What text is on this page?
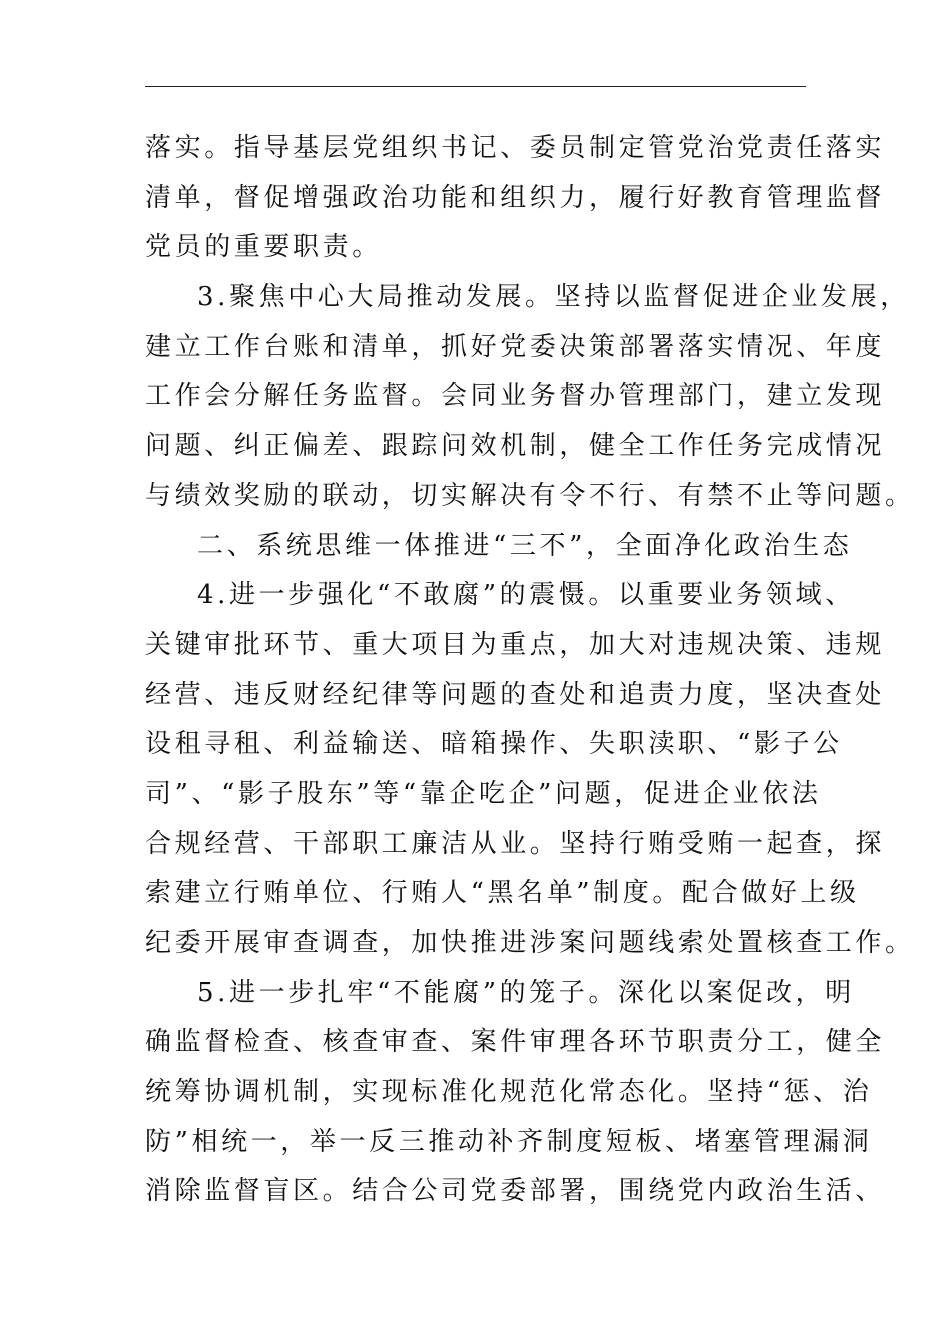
落实。指导基层党组织书记、委员制定管党治党责任落实
清单，督促增强政治功能和组织力，履行好教育管理监督
党员的重要职责。
3.聚焦中心大局推动发展。坚持以监督促进企业发展，
建立工作台账和清单，抓好党委决策部署落实情况、年度
工作会分解任务监督。会同业务督办管理部门，建立发现
问题、纠正偏差、跟踪问效机制，健全工作任务完成情况
与绩效奖励的联动，切实解决有令不行、有禁不止等问题。
二、系统思维一体推进“三不”，全面净化政治生态
4.进一步强化“不敢腐”的震慑。以重要业务领域、
关键审批环节、重大项目为重点，加大对违规决策、违规
经营、违反财经纪律等问题的查处和追责力度，坚决查处
设租寻租、利益输送、暗箱操作、失职渎职、“影子公
司”、“影子股东”等“靠企吃企”问题，促进企业依法
合规经营、干部职工廉洁从业。坚持行贿受贿一起查，探
索建立行贿单位、行贿人“黑名单”制度。配合做好上级
纪委开展审查调查，加快推进涉案问题线索处置核查工作。
5.进一步扎牢“不能腐”的笼子。深化以案促改，明
确监督检查、核查审查、案件审理各环节职责分工，健全
统筹协调机制，实现标准化规范化常态化。坚持“惩、治
防”相统一，举一反三推动补齐制度短板、堵塞管理漏洞
消除监督盲区。结合公司党委部署，围绕党内政治生活、
